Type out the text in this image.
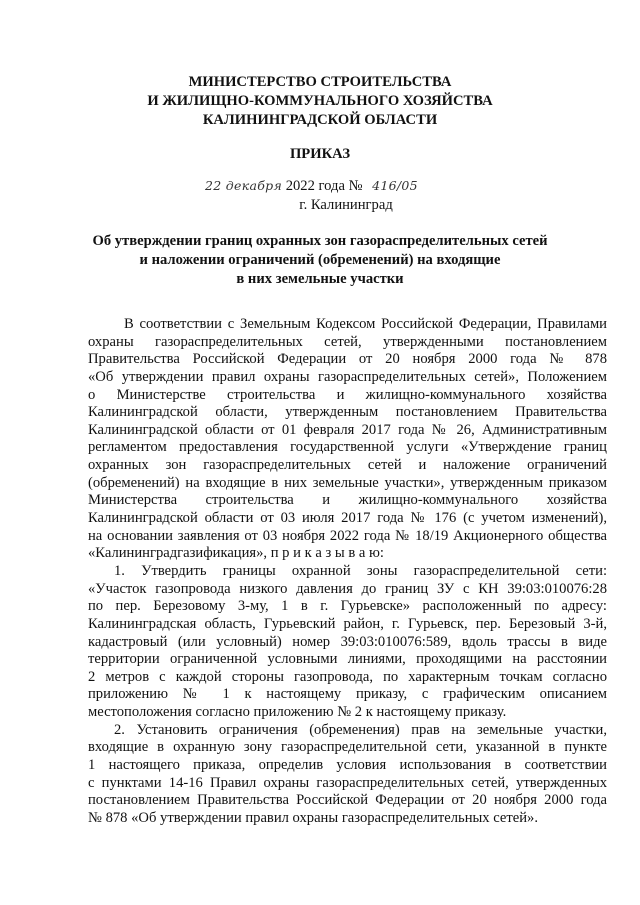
МИНИСТЕРСТВО СТРОИТЕЛЬСТВА
И ЖИЛИЩНО-КОММУНАЛЬНОГО ХОЗЯЙСТВА
КАЛИНИНГРАДСКОЙ ОБЛАСТИ
ПРИКАЗ
22 декабря 2022 года № 416/05
г. Калининград
Об утверждении границ охранных зон газораспределительных сетей
и наложении ограничений (обременений) на входящие
в них земельные участки
В соответствии с Земельным Кодексом Российской Федерации, Правилами
охраны газораспределительных сетей, утвержденными постановлением
Правительства Российской Федерации от 20 ноября 2000 года № 878
«Об утверждении правил охраны газораспределительных сетей», Положением
о Министерстве строительства и жилищно-коммунального хозяйства
Калининградской области, утвержденным постановлением Правительства
Калининградской области от 01 февраля 2017 года № 26, Административным
регламентом предоставления государственной услуги «Утверждение границ
охранных зон газораспределительных сетей и наложение ограничений
(обременений) на входящие в них земельные участки», утвержденным приказом
Министерства строительства и жилищно-коммунального хозяйства
Калининградской области от 03 июля 2017 года № 176 (с учетом изменений),
на основании заявления от 03 ноября 2022 года № 18/19 Акционерного общества
«Калининградгазификация», п р и к а з ы в а ю:
1. Утвердить границы охранной зоны газораспределительной сети:
«Участок газопровода низкого давления до границ ЗУ с КН 39:03:010076:28
по пер. Березовому 3-му, 1 в г. Гурьевске» расположенный по адресу:
Калининградская область, Гурьевский район, г. Гурьевск, пер. Березовый 3-й,
кадастровый (или условный) номер 39:03:010076:589, вдоль трассы в виде
территории ограниченной условными линиями, проходящими на расстоянии
2 метров с каждой стороны газопровода, по характерным точкам согласно
приложению № 1 к настоящему приказу, с графическим описанием
местоположения согласно приложению № 2 к настоящему приказу.
2. Установить ограничения (обременения) прав на земельные участки,
входящие в охранную зону газораспределительной сети, указанной в пункте
1 настоящего приказа, определив условия использования в соответствии
с пунктами 14-16 Правил охраны газораспределительных сетей, утвержденных
постановлением Правительства Российской Федерации от 20 ноября 2000 года
№ 878 «Об утверждении правил охраны газораспределительных сетей».
